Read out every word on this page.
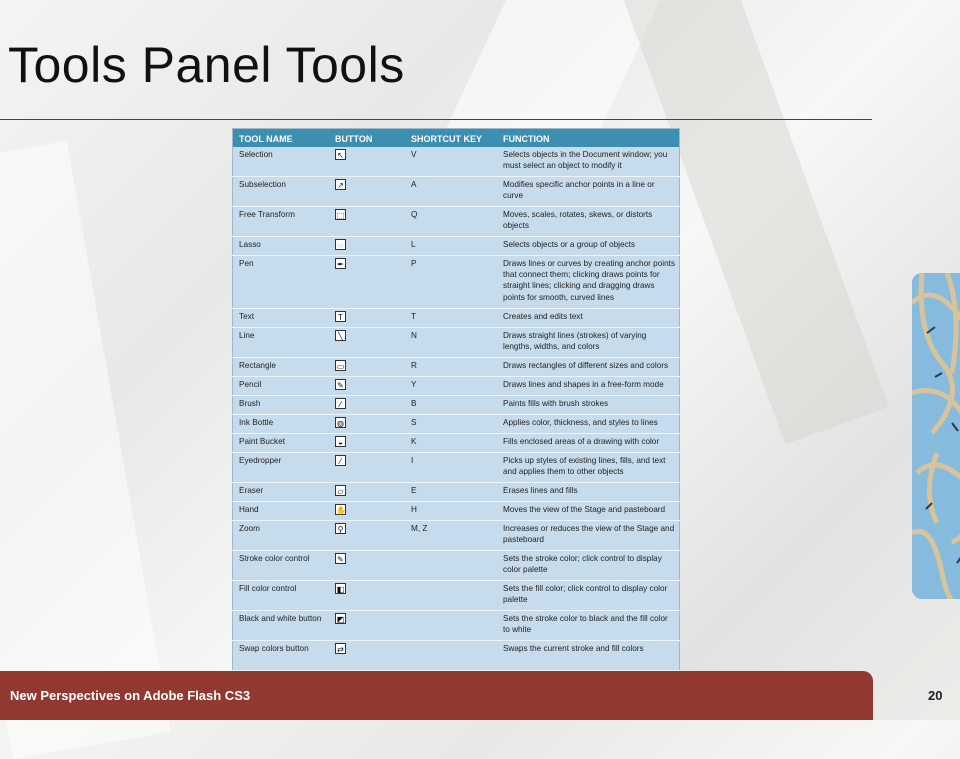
Tools Panel Tools
TOOL NAME	BUTTON	SHORTCUT KEY	FUNCTION
Selection	↖	V	Selects objects in the Document window; you must select an object to modify it
Subselection	↗	A	Modifies specific anchor points in a line or curve
Free Transform	⬚	Q	Moves, scales, rotates, skews, or distorts objects
Lasso	◌	L	Selects objects or a group of objects
Pen	✒	P	Draws lines or curves by creating anchor points that connect them; clicking draws points for straight lines; clicking and dragging draws points for smooth, curved lines
Text	T	T	Creates and edits text
Line	╲	N	Draws straight lines (strokes) of varying lengths, widths, and colors
Rectangle	▭	R	Draws rectangles of different sizes and colors
Pencil	✎	Y	Draws lines and shapes in a free-form mode
Brush	⁄	B	Paints fills with brush strokes
Ink Bottle	◍	S	Applies color, thickness, and styles to lines
Paint Bucket	◒	K	Fills enclosed areas of a drawing with color
Eyedropper	⁄	I	Picks up styles of existing lines, fills, and text and applies them to other objects
Eraser	▱	E	Erases lines and fills
Hand	✋	H	Moves the view of the Stage and pasteboard
Zoom	⚲	M, Z	Increases or reduces the view of the Stage and pasteboard
Stroke color control	✎		Sets the stroke color; click control to display color palette
Fill color control	◧		Sets the fill color; click control to display color palette
Black and white button	◩		Sets the stroke color to black and the fill color to white
Swap colors button	⇄		Swaps the current stroke and fill colors

New Perspectives on Adobe Flash CS3	20
